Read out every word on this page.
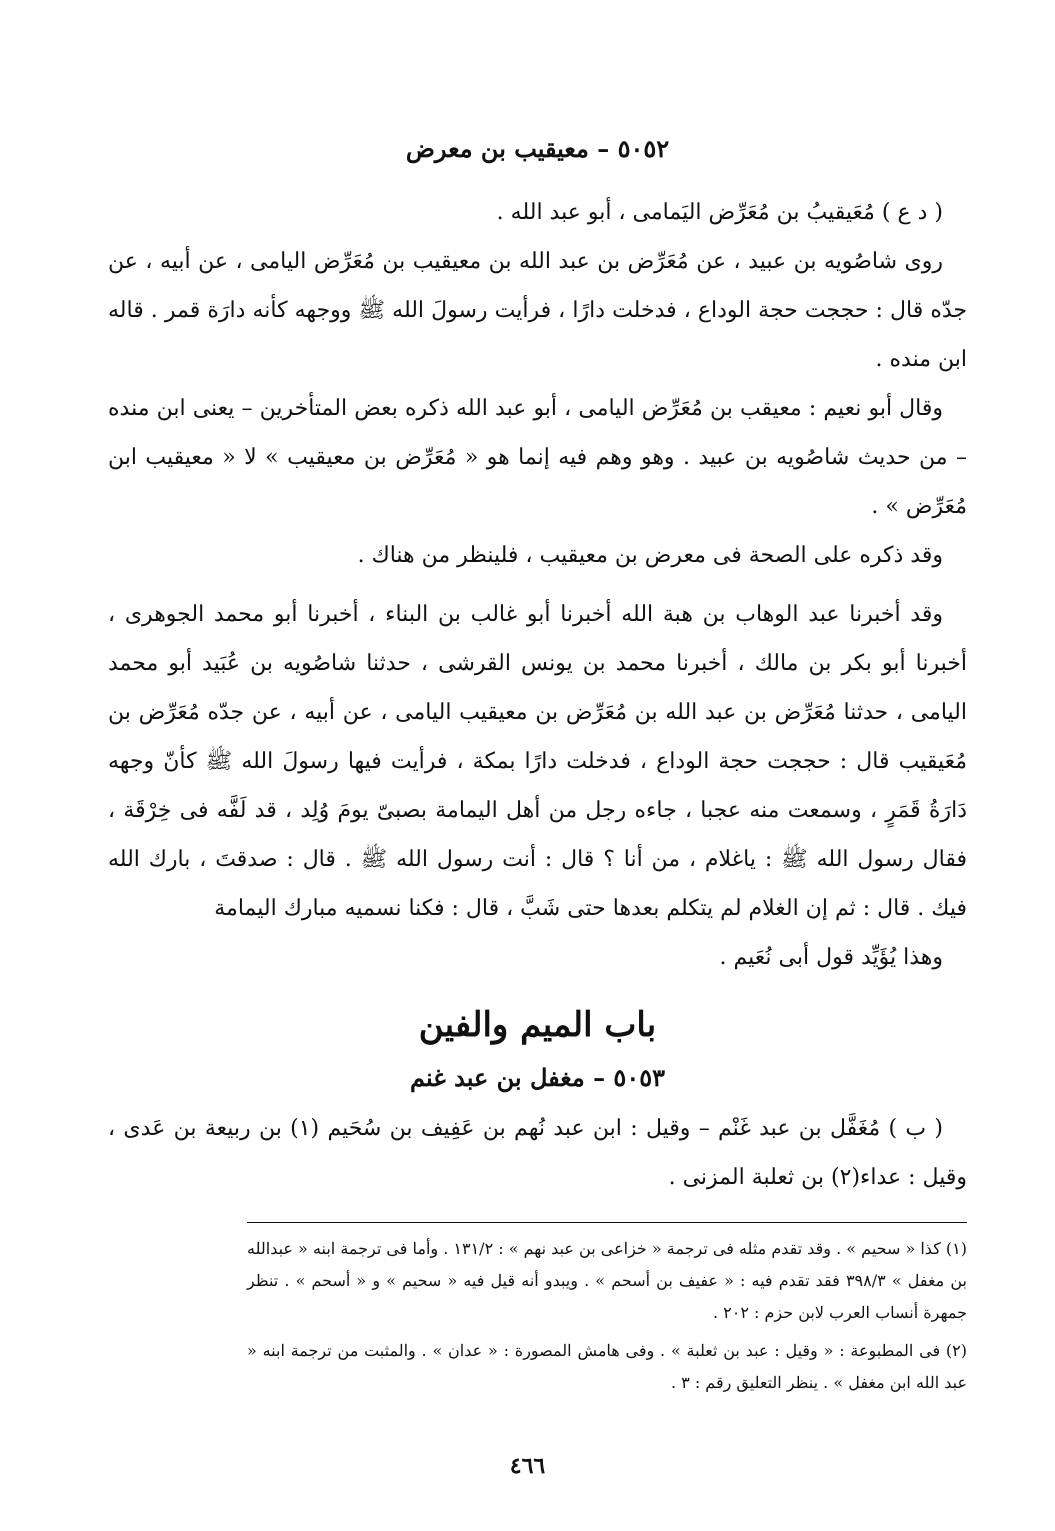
٥٠٥٢ – معيقيب بن معرض

( د ع ) مُعَيقيبُ بن مُعَرِّض اليَمامى ، أبو عبد الله .

روى شاصُويه بن عبيد ، عن مُعَرِّض بن عبد الله بن معيقيب بن مُعَرِّض اليامى ، عن أبيه ، عن جدّه قال : حججت حجة الوداع ، فدخلت دارًا ، فرأيت رسولَ الله ﷺ ووجهه كأنه دارَة قمر . قاله ابن منده .

وقال أبو نعيم : معيقب بن مُعَرِّض اليامى ، أبو عبد الله ذكره بعض المتأخرين – يعنى ابن منده – من حديث شاصُويه بن عبيد . وهو وهم فيه إنما هو « مُعَرِّض بن معيقيب » لا « معيقيب ابن مُعَرِّض » .

وقد ذكره على الصحة فى معرض بن معيقيب ، فلينظر من هناك .

وقد أخبرنا عبد الوهاب بن هبة الله أخبرنا أبو غالب بن البناء ، أخبرنا أبو محمد الجوهرى ، أخبرنا أبو بكر بن مالك ، أخبرنا محمد بن يونس القرشى ، حدثنا شاصُويه بن عُبَيد أبو محمد اليامى ، حدثنا مُعَرِّض بن عبد الله بن مُعَرِّض بن معيقيب اليامى ، عن أبيه ، عن جدّه مُعَرِّض بن مُعَيقيب قال : حججت حجة الوداع ، فدخلت دارًا بمكة ، فرأيت فيها رسولَ الله ﷺ كأنّ وجهه دَارَةُ قَمَرٍ ، وسمعت منه عجبا ، جاءه رجل من أهل اليمامة بصبىّ يومَ وُلِد ، قد لَفَّه فى خِرْقَة ، فقال رسول الله ﷺ : ياغلام ، من أنا ؟ قال : أنت رسول الله ﷺ . قال : صدقتَ ، بارك الله فيك . قال : ثم إن الغلام لم يتكلم بعدها حتى شَبَّ ، قال : فكنا نسميه مبارك اليمامة

وهذا يُؤَيِّد قول أبى نُعَيم .

باب الميم والفين
٥٠٥٣ – مغفل بن عبد غنم

( ب ) مُغَفَّل بن عبد غَنْم – وقيل : ابن عبد نُهم بن عَفِيف بن سُحَيم (١) بن ربيعة بن عَدى ، وقيل : عداء(٢) بن ثعلبة المزنى .

(١) كذا « سحيم » . وقد تقدم مثله فى ترجمة « خزاعى بن عبد نهم » : ١٣١/٢ . وأما فى ترجمة ابنه « عبدالله بن مغفل » ٣٩٨/٣ فقد تقدم فيه : « عفيف بن أسحم » . ويبدو أنه قيل فيه « سحيم » و « أسحم » . تنظر جمهرة أنساب العرب لابن حزم : ٢٠٢ .

(٢) فى المطبوعة : « وقيل : عبد بن ثعلبة » . وفى هامش المصورة : « عدان » . والمثبت من ترجمة ابنه « عبد الله ابن مغفل » . ينظر التعليق رقم : ٣ .

٤٦٦
